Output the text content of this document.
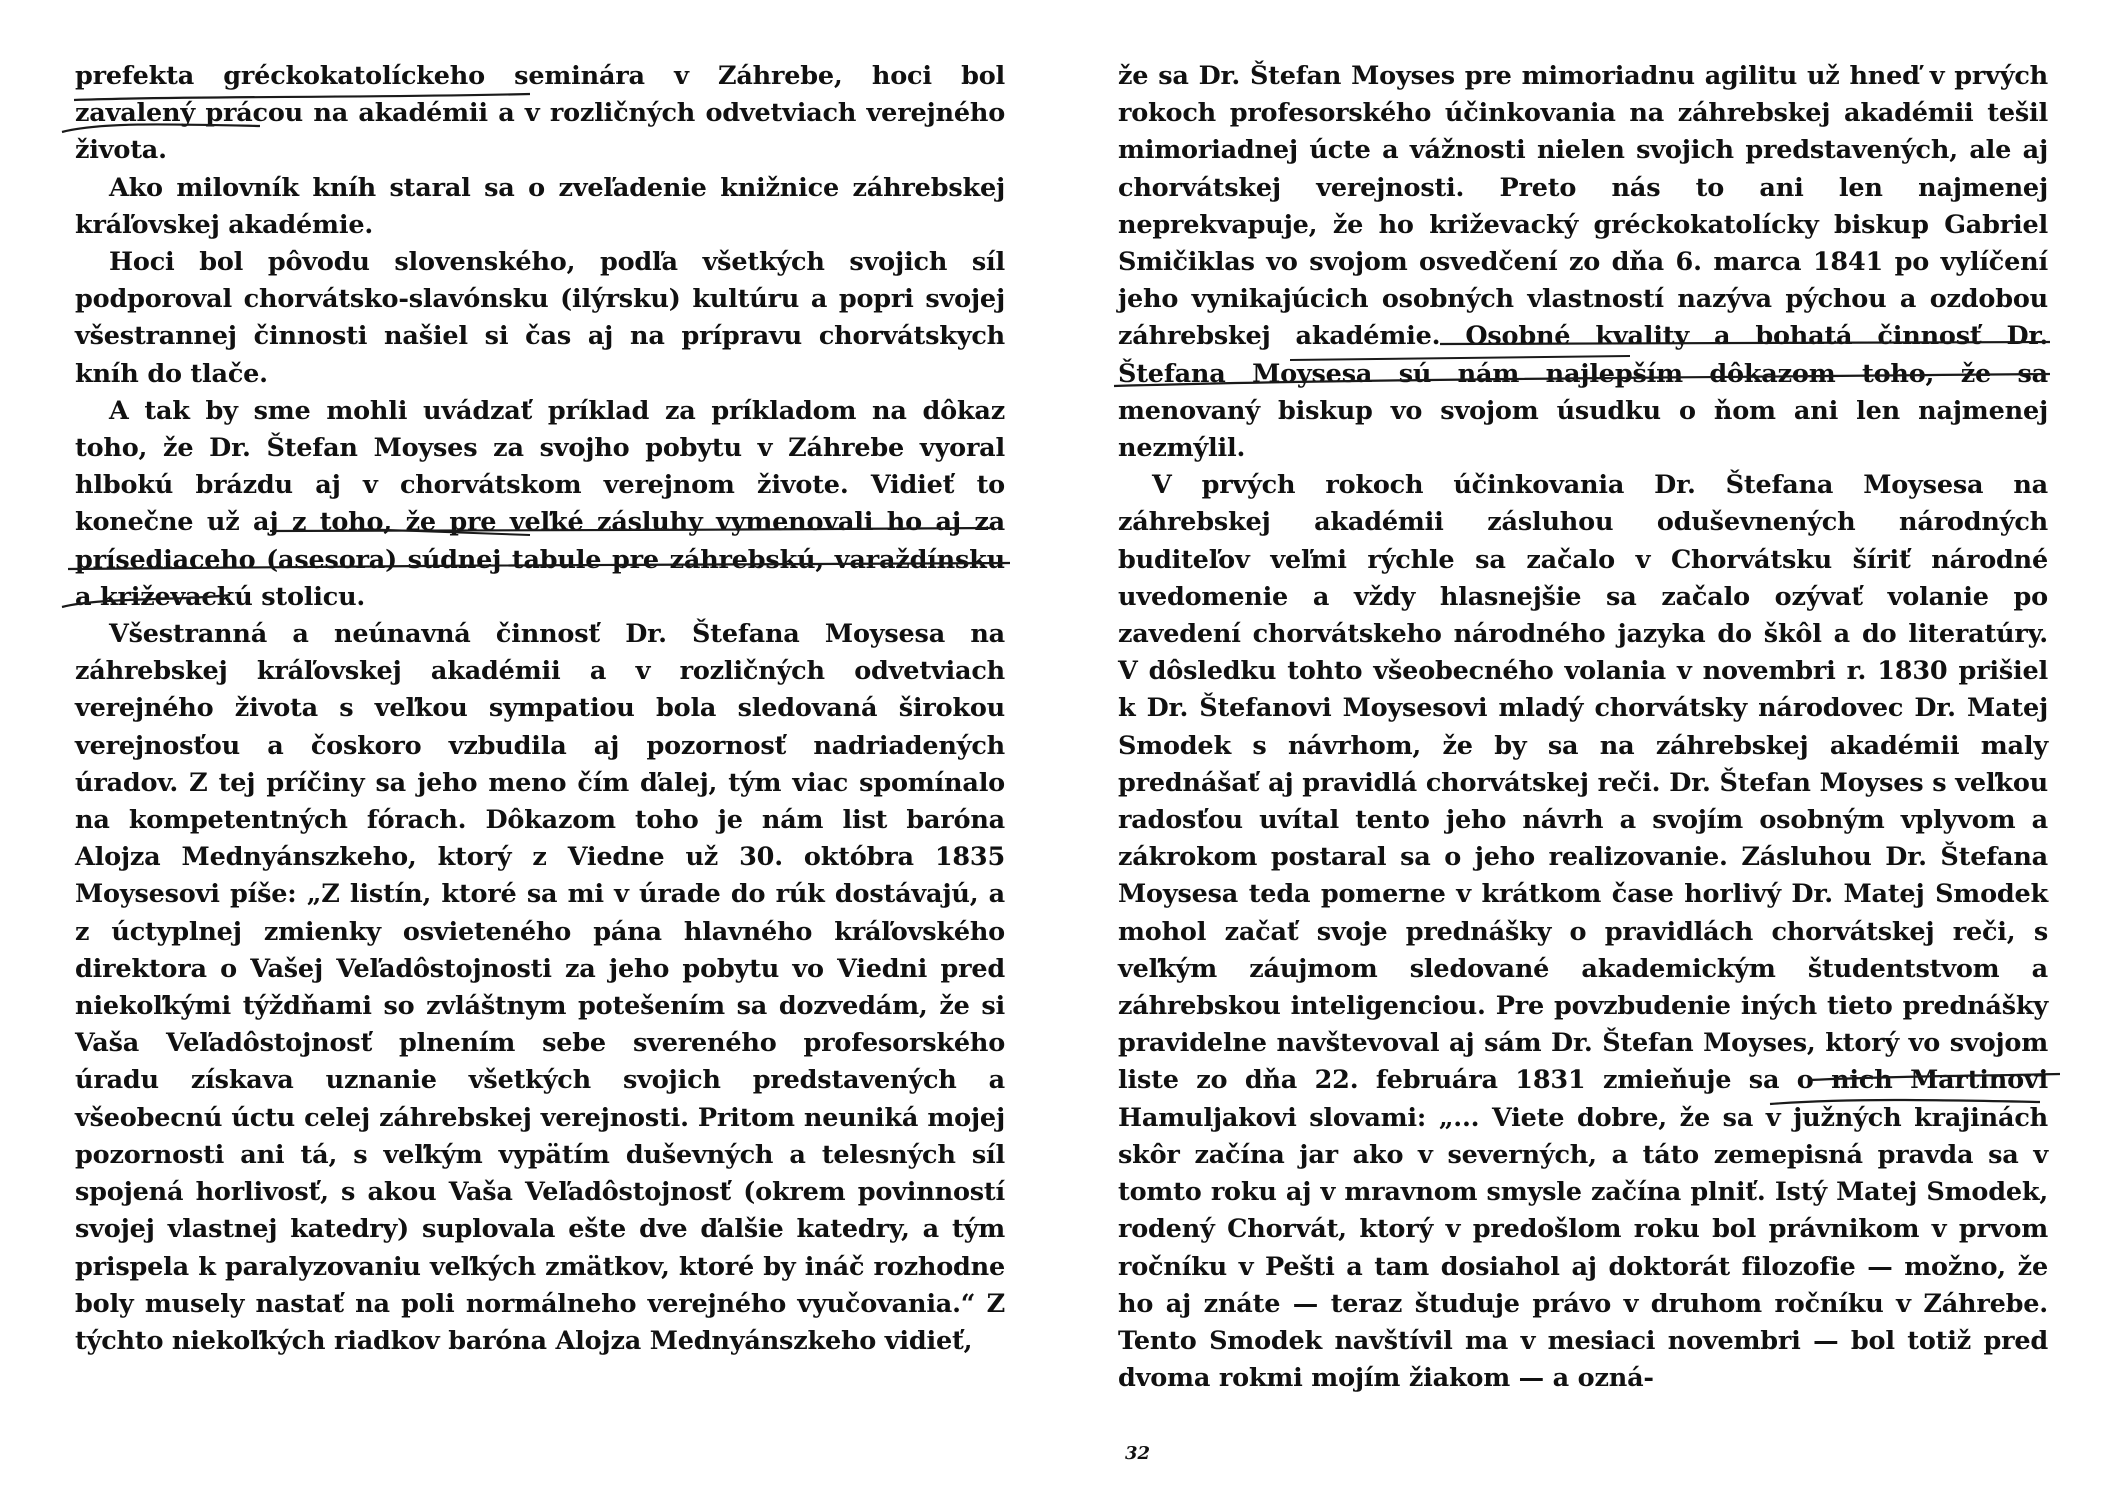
prefekta gréckokatolíckeho seminára v Záhrebe, hoci bol zavalený prácou na akadémii a v rozličných odvetviach verejného života.

Ako milovník kníh staral sa o zveľadenie knižnice záhrebskej kráľovskej akadémie.

Hoci bol pôvodu slovenského, podľa všetkých svojich síl podporoval chorvátsko-slavónsku (ilýrsku) kultúru a popri svojej všestrannej činnosti našiel si čas aj na prípravu chorvátskych kníh do tlače.

A tak by sme mohli uvádzať príklad za príkladom na dôkaz toho, že Dr. Štefan Moyses za svojho pobytu v Záhrebe vyoral hlbokú brázdu aj v chorvátskom verejnom živote. Vidieť to konečne už aj z toho, že pre veľké zásluhy vymenovali ho aj za prísediaceho (asesora) súdnej tabule pre záhrebskú, varaždínsku a križevackú stolicu.

Všestranná a neúnavná činnosť Dr. Štefana Moysesa na záhrebskej kráľovskej akadémii a v rozličných odvetviach verejného života s veľkou sympatiou bola sledovaná širokou verejnosťou a čoskoro vzbudila aj pozornosť nadriadených úradov. Z tej príčiny sa jeho meno čím ďalej, tým viac spomínalo na kompetentných fórach. Dôkazom toho je nám list baróna Alojza Mednyánszkeho, ktorý z Viedne už 30. októbra 1835 Moysesovi píše: „Z listín, ktoré sa mi v úrade do rúk dostávajú, a z úctyplnej zmienky osvieteného pána hlavného kráľovského direktora o Vašej Veľadôstojnosti za jeho pobytu vo Viedni pred niekoľkými týždňami so zvláštnym potešením sa dozvedám, že si Vaša Veľadôstojnosť plnením sebe svereného profesorského úradu získava uznanie všetkých svojich predstavených a všeobecnú úctu celej záhrebskej verejnosti. Pritom neuniká mojej pozornosti ani tá, s veľkým vypätím duševných a telesných síl spojená horlivosť, s akou Vaša Veľadôstojnosť (okrem povinností svojej vlastnej katedry) suplovala ešte dve ďalšie katedry, a tým prispela k paralyzovaniu veľkých zmätkov, ktoré by ináč rozhodne boly musely nastať na poli normálneho verejného vyučovania.“ Z týchto niekoľkých riadkov baróna Alojza Mednyánszkeho vidieť,

že sa Dr. Štefan Moyses pre mimoriadnu agilitu už hneď v prvých rokoch profesorského účinkovania na záhrebskej akadémii tešil mimoriadnej úcte a vážnosti nielen svojich predstavených, ale aj chorvátskej verejnosti. Preto nás to ani len najmenej neprekvapuje, že ho križevacký gréckokatolícky biskup Gabriel Smičiklas vo svojom osvedčení zo dňa 6. marca 1841 po vylíčení jeho vynikajúcich osobných vlastností nazýva pýchou a ozdobou záhrebskej akadémie. Osobné kvality a bohatá činnosť Dr. Štefana Moysesa sú nám najlepším dôkazom toho, že sa menovaný biskup vo svojom úsudku o ňom ani len najmenej nezmýlil.

V prvých rokoch účinkovania Dr. Štefana Moysesa na záhrebskej akadémii zásluhou oduševnených národných buditeľov veľmi rýchle sa začalo v Chorvátsku šíriť národné uvedomenie a vždy hlasnejšie sa začalo ozývať volanie po zavedení chorvátskeho národného jazyka do škôl a do literatúry. V dôsledku tohto všeobecného volania v novembri r. 1830 prišiel k Dr. Štefanovi Moysesovi mladý chorvátsky národovec Dr. Matej Smodek s návrhom, že by sa na záhrebskej akadémii maly prednášať aj pravidlá chorvátskej reči. Dr. Štefan Moyses s veľkou radosťou uvítal tento jeho návrh a svojím osobným vplyvom a zákrokom postaral sa o jeho realizovanie. Zásluhou Dr. Štefana Moysesa teda pomerne v krátkom čase horlivý Dr. Matej Smodek mohol začať svoje prednášky o pravidlách chorvátskej reči, s veľkým záujmom sledované akademickým študentstvom a záhrebskou inteligenciou. Pre povzbudenie iných tieto prednášky pravidelne navštevoval aj sám Dr. Štefan Moyses, ktorý vo svojom liste zo dňa 22. februára 1831 zmieňuje sa o nich Martinovi Hamuljakovi slovami: „... Viete dobre, že sa v južných krajinách skôr začína jar ako v severných, a táto zemepisná pravda sa v tomto roku aj v mravnom smysle začína plniť. Istý Matej Smodek, rodený Chorvát, ktorý v predošlom roku bol právnikom v prvom ročníku v Pešti a tam dosiahol aj doktorát filozofie — možno, že ho aj znáte — teraz študuje právo v druhom ročníku v Záhrebe. Tento Smodek navštívil ma v mesiaci novembri — bol totiž pred dvoma rokmi mojím žiakom — a ozná-

32
